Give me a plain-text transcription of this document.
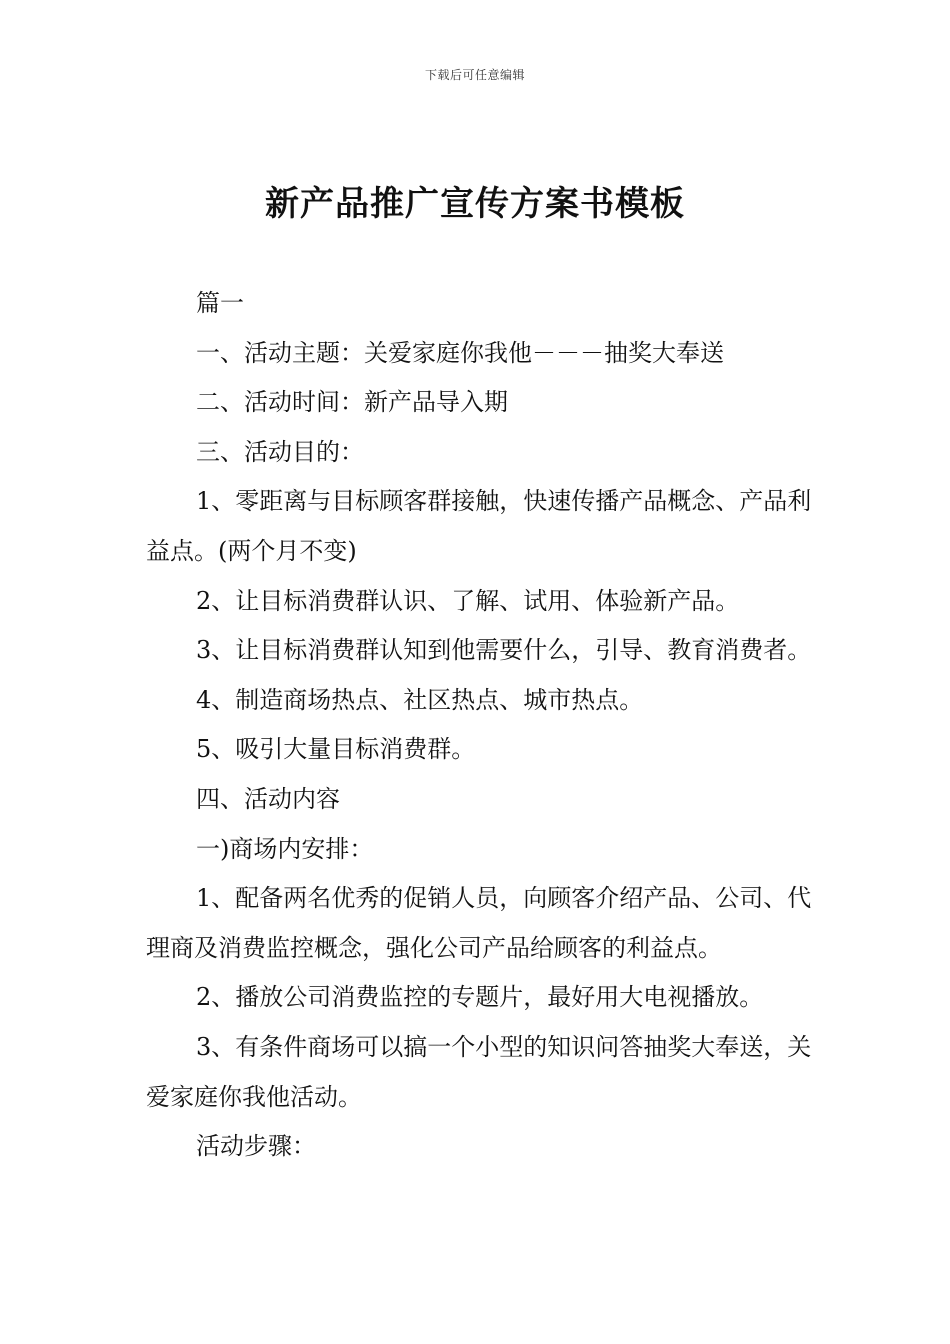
下载后可任意编辑
新产品推广宣传方案书模板

篇一

一、活动主题：关爱家庭你我他－－－抽奖大奉送

二、活动时间：新产品导入期

三、活动目的：

1、零距离与目标顾客群接触，快速传播产品概念、产品利益点。(两个月不变)

2、让目标消费群认识、了解、试用、体验新产品。

3、让目标消费群认知到他需要什么，引导、教育消费者。

4、制造商场热点、社区热点、城市热点。

5、吸引大量目标消费群。

四、活动内容

一)商场内安排：

1、配备两名优秀的促销人员，向顾客介绍产品、公司、代理商及消费监控概念，强化公司产品给顾客的利益点。

2、播放公司消费监控的专题片，最好用大电视播放。

3、有条件商场可以搞一个小型的知识问答抽奖大奉送，关爱家庭你我他活动。

活动步骤：
